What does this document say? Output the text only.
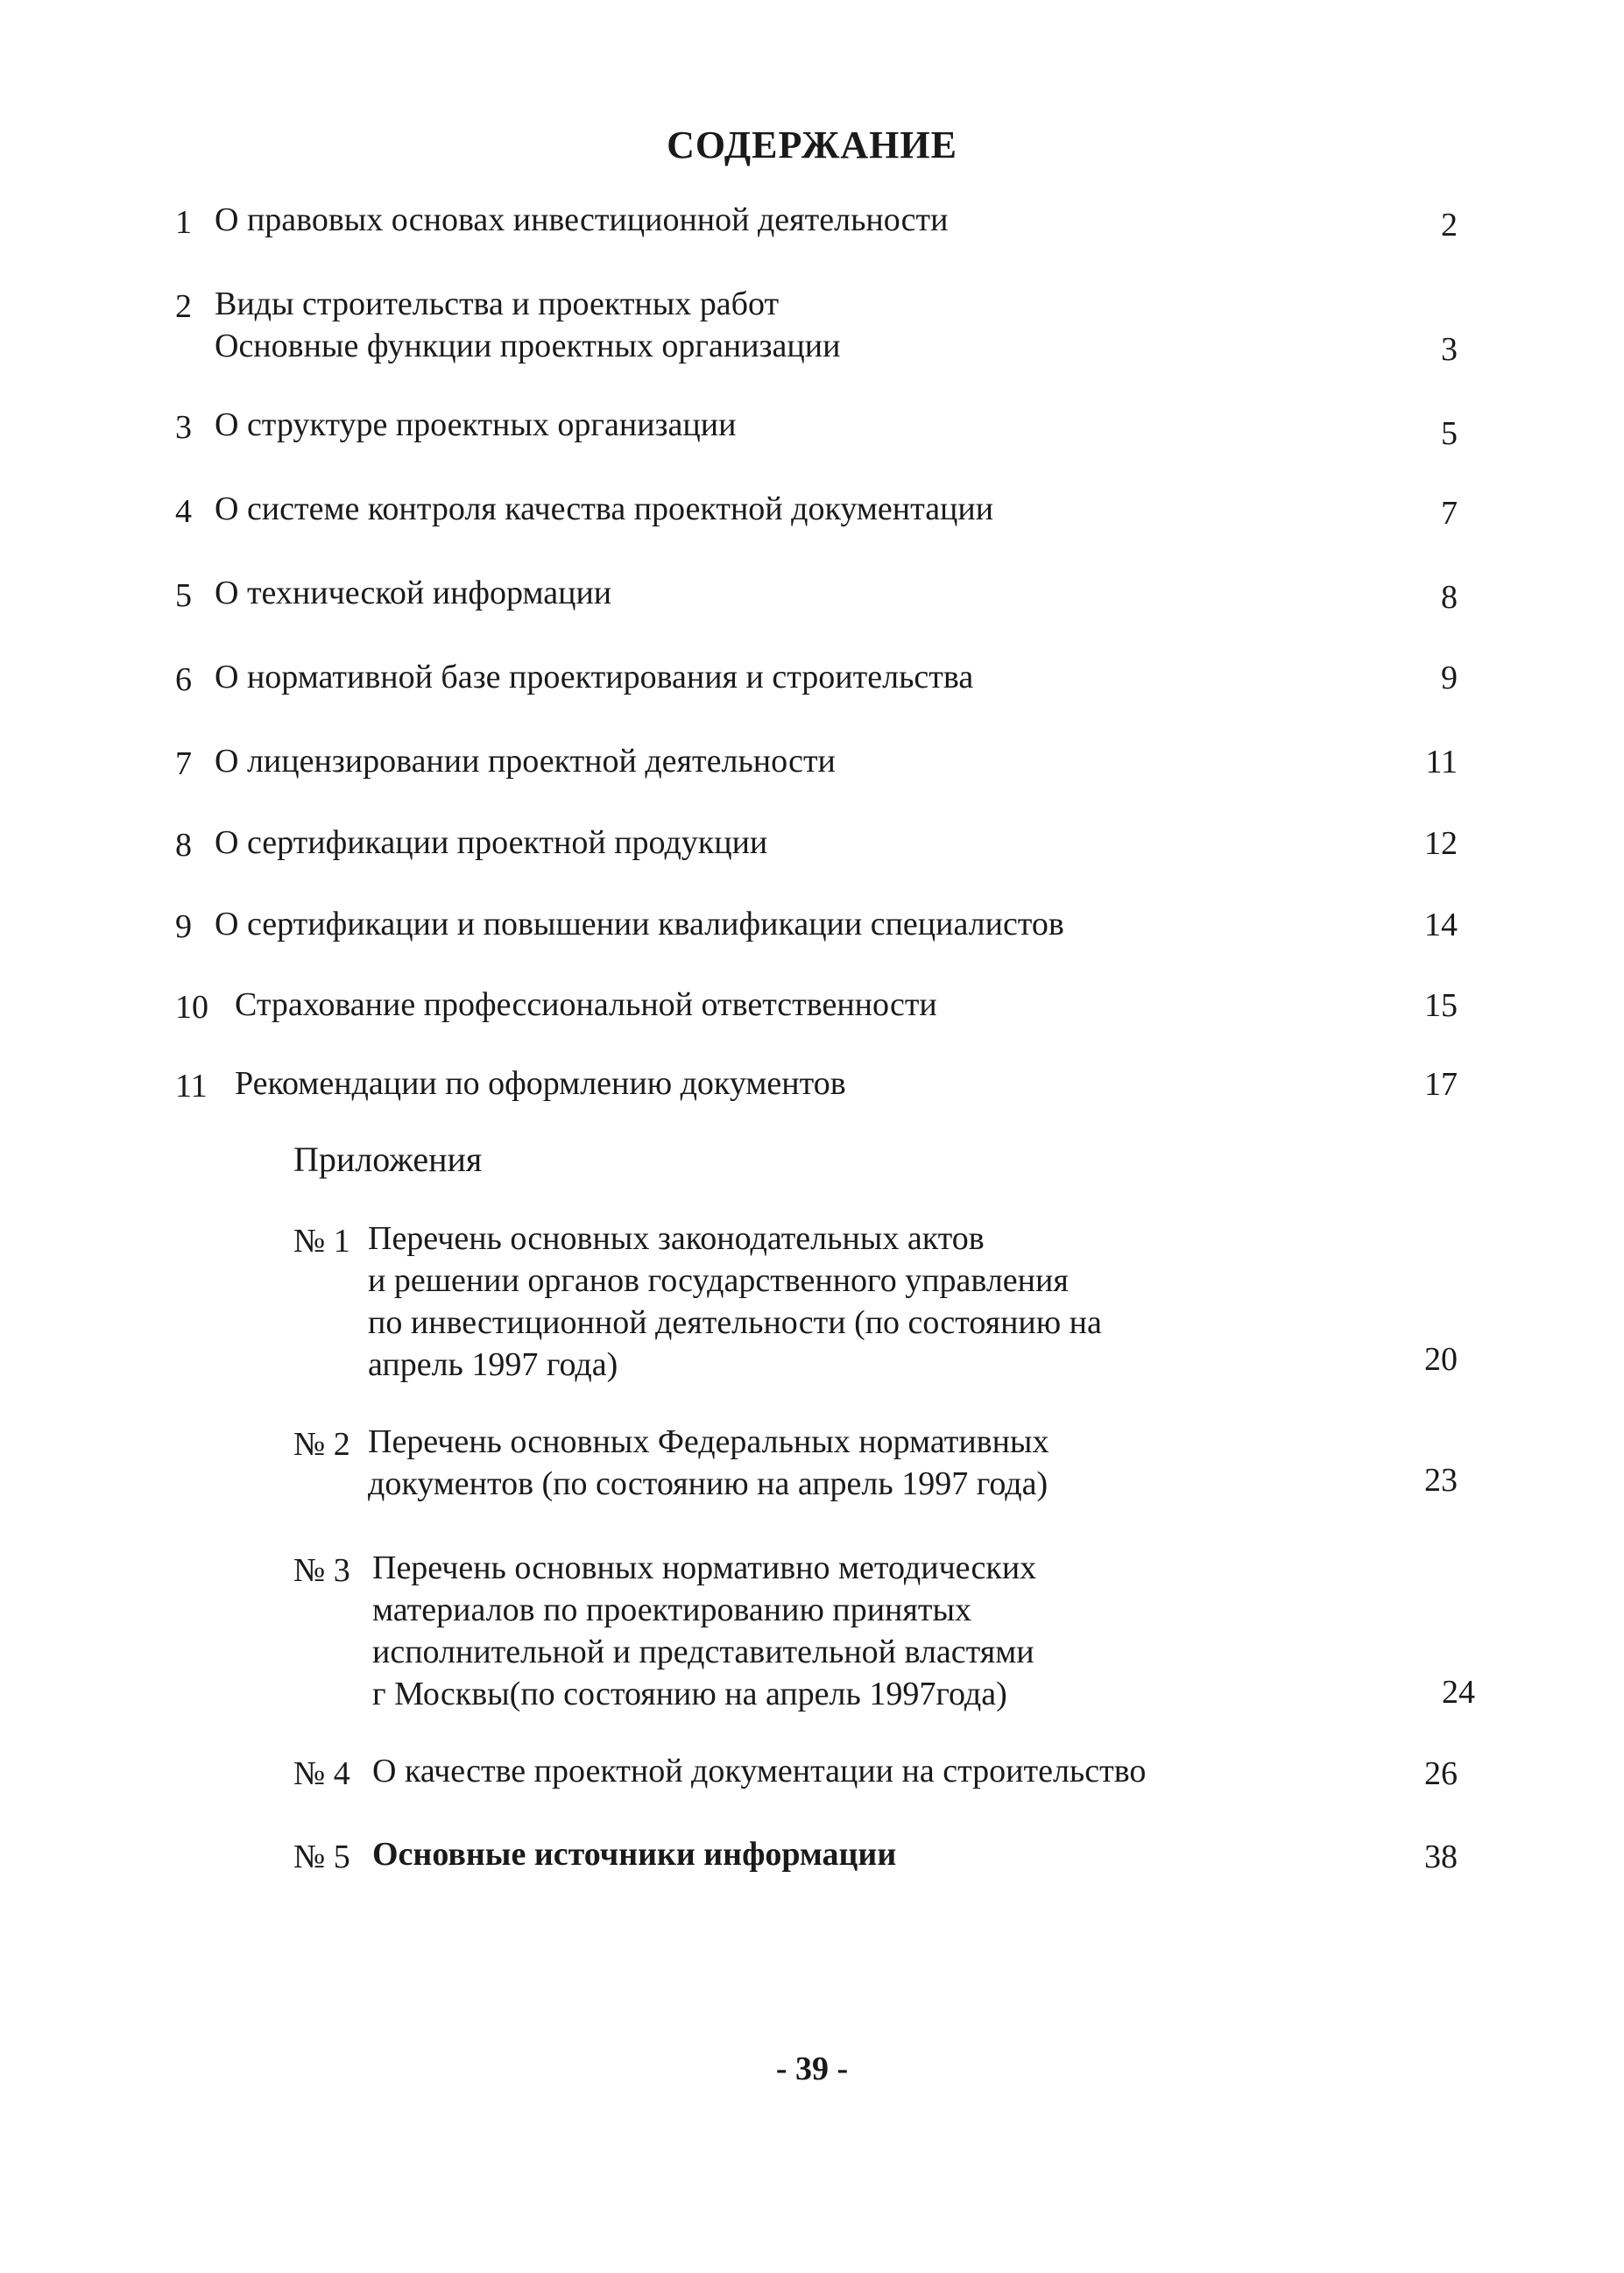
СОДЕРЖАНИЕ
1 О правовых основах инвестиционной деятельности	2
2 Виды строительства и проектных работ
Основные функции проектных организации	3
3 О структуре проектных организации	5
4 О системе контроля качества проектной документации	7
5 О технической информации	8
6 О нормативной базе проектирования и строительства	9
7 О лицензировании проектной деятельности	11
8 О сертификации проектной продукции	12
9 О сертификации и повышении квалификации специалистов	14
10 Страхование профессиональной ответственности	15
11 Рекомендации по оформлению документов	17
Приложения
№ 1 Перечень основных законодательных актов
и решении органов государственного управления
по инвестиционной деятельности (по состоянию на
апрель 1997 года)	20
№ 2 Перечень основных Федеральных нормативных
документов (по состоянию на апрель 1997 года)	23
№ 3 Перечень основных нормативно методических
материалов по проектированию принятых
исполнительной и представительной властями
г Москвы(по состоянию на апрель 1997года)	24
№ 4 О качестве проектной документации на строительство	26
№ 5 Основные источники информации	38
- 39 -
